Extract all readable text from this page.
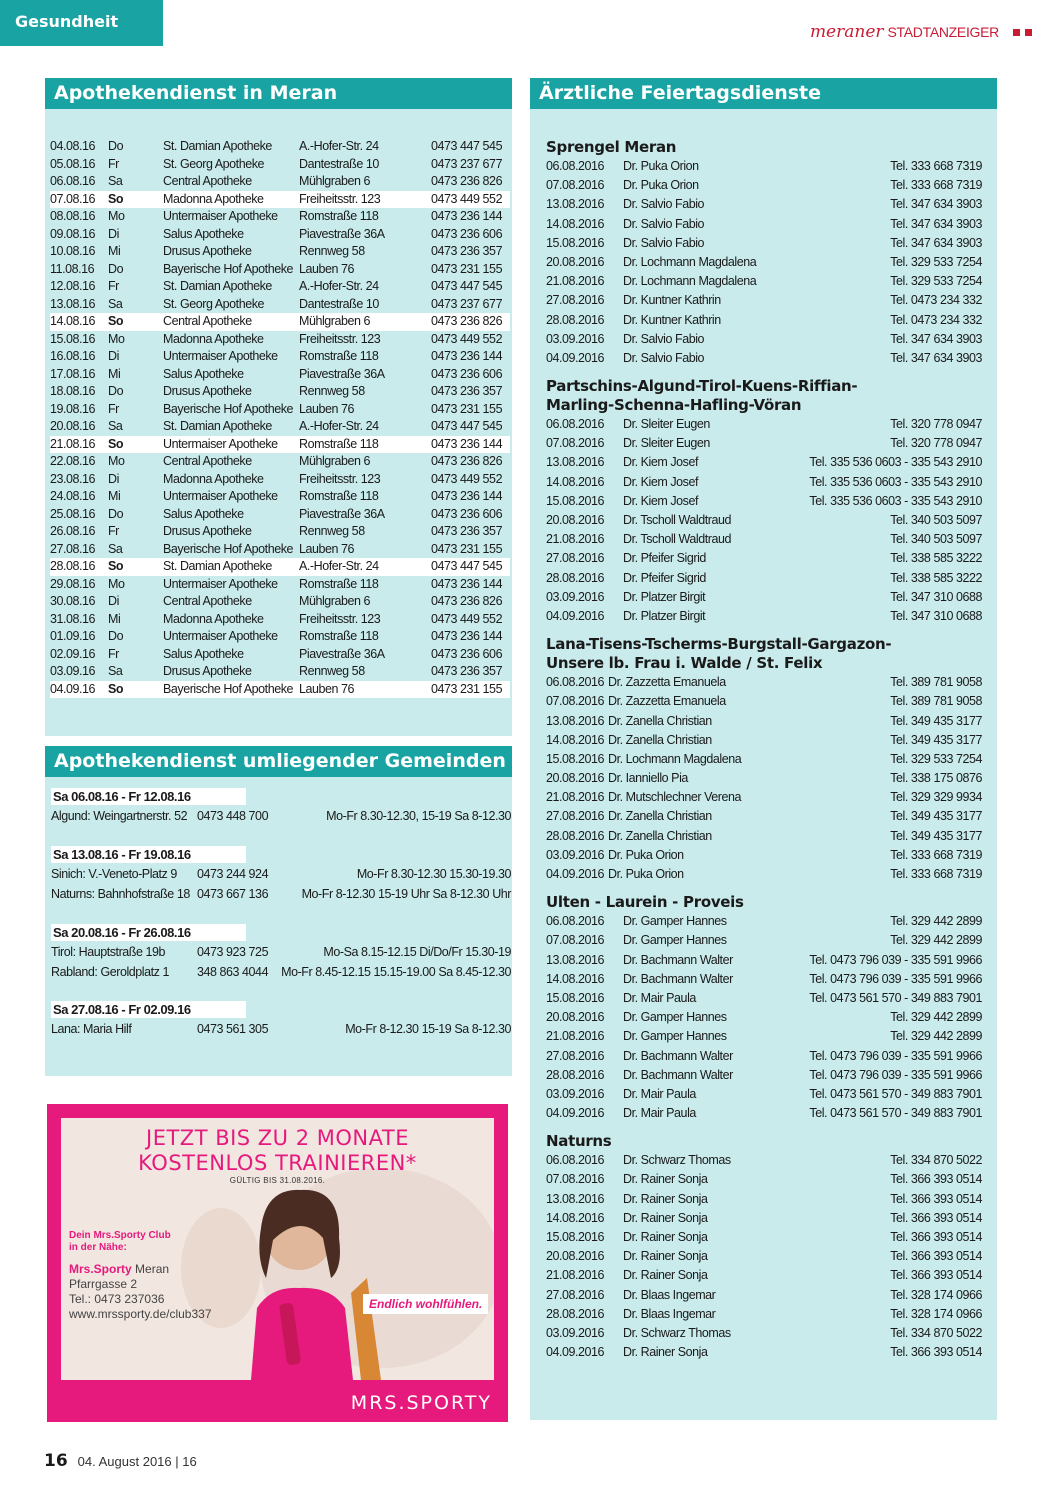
Gesundheit
meraner STADTANZEIGER
Apothekendienst in Meran
04.08.16	Do	St. Damian Apotheke	A.-Hofer-Str. 24	0473 447 545
05.08.16	Fr	St. Georg Apotheke	Dantestraße 10	0473 237 677
06.08.16	Sa	Central Apotheke	Mühlgraben 6	0473 236 826
07.08.16	So	Madonna Apotheke	Freiheitsstr. 123	0473 449 552
08.08.16	Mo	Untermaiser Apotheke	Romstraße 118	0473 236 144
09.08.16	Di	Salus Apotheke	Piavestraße 36A	0473 236 606
10.08.16	Mi	Drusus Apotheke	Rennweg 58	0473 236 357
11.08.16	Do	Bayerische Hof Apotheke Lauben 76	0473 231 155
12.08.16	Fr	St. Damian Apotheke	A.-Hofer-Str. 24	0473 447 545
13.08.16	Sa	St. Georg Apotheke	Dantestraße 10	0473 237 677
14.08.16	So	Central Apotheke	Mühlgraben 6	0473 236 826
15.08.16	Mo	Madonna Apotheke	Freiheitsstr. 123	0473 449 552
16.08.16	Di	Untermaiser Apotheke	Romstraße 118	0473 236 144
17.08.16	Mi	Salus Apotheke	Piavestraße 36A	0473 236 606
18.08.16	Do	Drusus Apotheke	Rennweg 58	0473 236 357
19.08.16	Fr	Bayerische Hof Apotheke Lauben 76	0473 231 155
20.08.16	Sa	St. Damian Apotheke	A.-Hofer-Str. 24	0473 447 545
21.08.16	So	Untermaiser Apotheke	Romstraße 118	0473 236 144
22.08.16	Mo	Central Apotheke	Mühlgraben 6	0473 236 826
23.08.16	Di	Madonna Apotheke	Freiheitsstr. 123	0473 449 552
24.08.16	Mi	Untermaiser Apotheke	Romstraße 118	0473 236 144
25.08.16	Do	Salus Apotheke	Piavestraße 36A	0473 236 606
26.08.16	Fr	Drusus Apotheke	Rennweg 58	0473 236 357
27.08.16	Sa	Bayerische Hof Apotheke Lauben 76	0473 231 155
28.08.16	So	St. Damian Apotheke	A.-Hofer-Str. 24	0473 447 545
29.08.16	Mo	Untermaiser Apotheke	Romstraße 118	0473 236 144
30.08.16	Di	Central Apotheke	Mühlgraben 6	0473 236 826
31.08.16	Mi	Madonna Apotheke	Freiheitsstr. 123	0473 449 552
01.09.16	Do	Untermaiser Apotheke	Romstraße 118	0473 236 144
02.09.16	Fr	Salus Apotheke	Piavestraße 36A	0473 236 606
03.09.16	Sa	Drusus Apotheke	Rennweg 58	0473 236 357
04.09.16	So	Bayerische Hof Apotheke Lauben 76	0473 231 155
Apothekendienst umliegender Gemeinden
Sa 06.08.16 - Fr 12.08.16
Algund: Weingartnerstr. 52 0473 448 700	Mo-Fr 8.30-12.30, 15-19 Sa 8-12.30
Sa 13.08.16 - Fr 19.08.16
Sinich: V.-Veneto-Platz 9	0473 244 924	Mo-Fr 8.30-12.30 15.30-19.30
Naturns: Bahnhofstraße 18 0473 667 136	Mo-Fr 8-12.30 15-19 Uhr Sa 8-12.30 Uhr
Sa 20.08.16 - Fr 26.08.16
Tirol: Hauptstraße 19b	0473 923 725	Mo-Sa 8.15-12.15 Di/Do/Fr 15.30-19
Rabland: Geroldplatz 1	348 863 4044	Mo-Fr 8.45-12.15 15.15-19.00 Sa 8.45-12.30
Sa 27.08.16 - Fr 02.09.16
Lana: Maria Hilf	0473 561 305	Mo-Fr 8-12.30 15-19 Sa 8-12.30
JETZT BIS ZU 2 MONATE
KOSTENLOS TRAINIEREN*
GÜLTIG BIS 31.08.2016.
Dein Mrs.Sporty Club
in der Nähe:
Mrs.Sporty Meran
Pfarrgasse 2
Tel.: 0473 237036
www.mrssporty.de/club337
Endlich wohlfühlen.
MRS.SPORTY
Ärztliche Feiertagsdienste
Sprengel Meran
06.08.2016	Dr. Puka Orion	Tel. 333 668 7319
07.08.2016	Dr. Puka Orion	Tel. 333 668 7319
13.08.2016	Dr. Salvio Fabio	Tel. 347 634 3903
14.08.2016	Dr. Salvio Fabio	Tel. 347 634 3903
15.08.2016	Dr. Salvio Fabio	Tel. 347 634 3903
20.08.2016	Dr. Lochmann Magdalena	Tel. 329 533 7254
21.08.2016	Dr. Lochmann Magdalena	Tel. 329 533 7254
27.08.2016	Dr. Kuntner Kathrin	Tel. 0473 234 332
28.08.2016	Dr. Kuntner Kathrin	Tel. 0473 234 332
03.09.2016	Dr. Salvio Fabio	Tel. 347 634 3903
04.09.2016	Dr. Salvio Fabio	Tel. 347 634 3903
Partschins-Algund-Tirol-Kuens-Riffian-
Marling-Schenna-Hafling-Vöran
06.08.2016	Dr. Sleiter Eugen	Tel. 320 778 0947
07.08.2016	Dr. Sleiter Eugen	Tel. 320 778 0947
13.08.2016	Dr. Kiem Josef	Tel. 335 536 0603 - 335 543 2910
14.08.2016	Dr. Kiem Josef	Tel. 335 536 0603 - 335 543 2910
15.08.2016	Dr. Kiem Josef	Tel. 335 536 0603 - 335 543 2910
20.08.2016	Dr. Tscholl Waldtraud	Tel. 340 503 5097
21.08.2016	Dr. Tscholl Waldtraud	Tel. 340 503 5097
27.08.2016	Dr. Pfeifer Sigrid	Tel. 338 585 3222
28.08.2016	Dr. Pfeifer Sigrid	Tel. 338 585 3222
03.09.2016	Dr. Platzer Birgit	Tel. 347 310 0688
04.09.2016	Dr. Platzer Birgit	Tel. 347 310 0688
Lana-Tisens-Tscherms-Burgstall-Gargazon-
Unsere lb. Frau i. Walde / St. Felix
06.08.2016 Dr. Zazzetta Emanuela	Tel. 389 781 9058
07.08.2016 Dr. Zazzetta Emanuela	Tel. 389 781 9058
13.08.2016 Dr. Zanella Christian	Tel. 349 435 3177
14.08.2016 Dr. Zanella Christian	Tel. 349 435 3177
15.08.2016 Dr. Lochmann Magdalena	Tel. 329 533 7254
20.08.2016 Dr. Ianniello Pia	Tel. 338 175 0876
21.08.2016 Dr. Mutschlechner Verena	Tel. 329 329 9934
27.08.2016 Dr. Zanella Christian	Tel. 349 435 3177
28.08.2016 Dr. Zanella Christian	Tel. 349 435 3177
03.09.2016 Dr. Puka Orion	Tel. 333 668 7319
04.09.2016 Dr. Puka Orion	Tel. 333 668 7319
Ulten - Laurein - Proveis
06.08.2016	Dr. Gamper Hannes	Tel. 329 442 2899
07.08.2016	Dr. Gamper Hannes	Tel. 329 442 2899
13.08.2016	Dr. Bachmann Walter	Tel. 0473 796 039 - 335 591 9966
14.08.2016	Dr. Bachmann Walter	Tel. 0473 796 039 - 335 591 9966
15.08.2016	Dr. Mair Paula	Tel. 0473 561 570 - 349 883 7901
20.08.2016	Dr. Gamper Hannes	Tel. 329 442 2899
21.08.2016	Dr. Gamper Hannes	Tel. 329 442 2899
27.08.2016	Dr. Bachmann Walter	Tel. 0473 796 039 - 335 591 9966
28.08.2016	Dr. Bachmann Walter	Tel. 0473 796 039 - 335 591 9966
03.09.2016	Dr. Mair Paula	Tel. 0473 561 570 - 349 883 7901
04.09.2016	Dr. Mair Paula	Tel. 0473 561 570 - 349 883 7901
Naturns
06.08.2016	Dr. Schwarz Thomas	Tel. 334 870 5022
07.08.2016	Dr. Rainer Sonja	Tel. 366 393 0514
13.08.2016	Dr. Rainer Sonja	Tel. 366 393 0514
14.08.2016	Dr. Rainer Sonja	Tel. 366 393 0514
15.08.2016	Dr. Rainer Sonja	Tel. 366 393 0514
20.08.2016	Dr. Rainer Sonja	Tel. 366 393 0514
21.08.2016	Dr. Rainer Sonja	Tel. 366 393 0514
27.08.2016	Dr. Blaas Ingemar	Tel. 328 174 0966
28.08.2016	Dr. Blaas Ingemar	Tel. 328 174 0966
03.09.2016	Dr. Schwarz Thomas	Tel. 334 870 5022
04.09.2016	Dr. Rainer Sonja	Tel. 366 393 0514
16 04. August 2016 | 16
